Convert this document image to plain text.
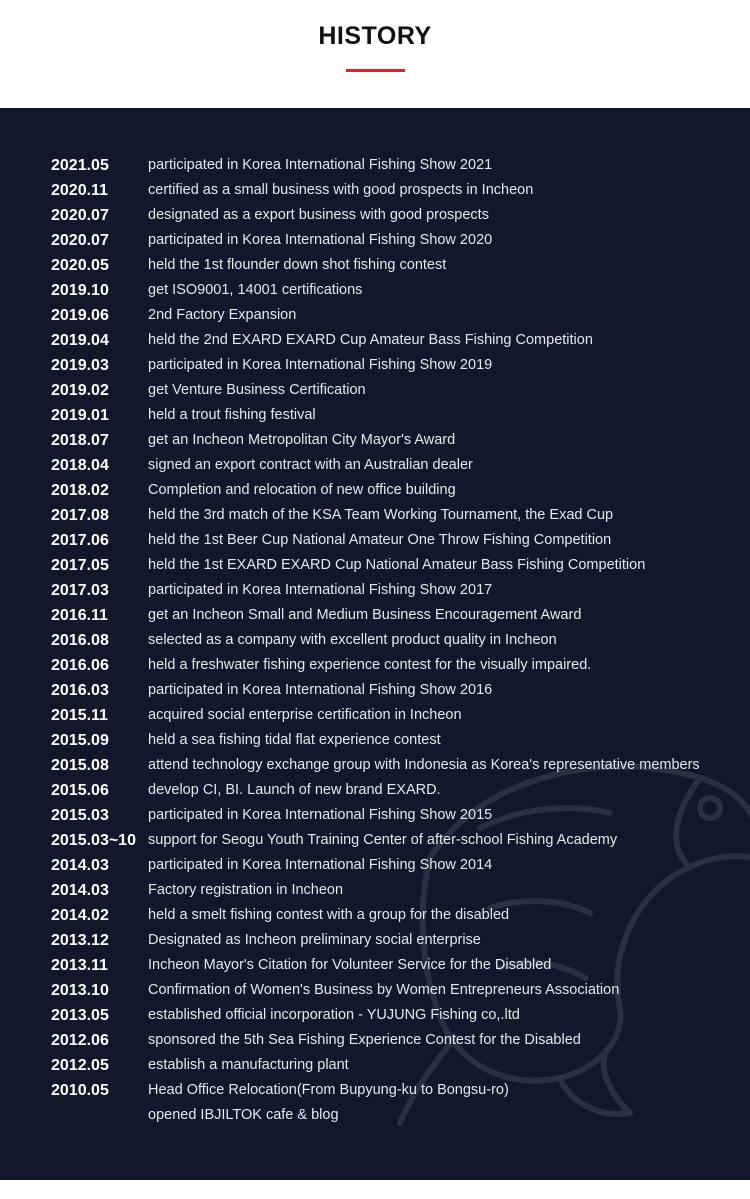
HISTORY
2021.05	participated in Korea International Fishing Show 2021
2020.11	certified as a small business with good prospects in Incheon
2020.07	designated as a export business with good prospects
2020.07	participated in Korea International Fishing Show 2020
2020.05	held the 1st flounder down shot fishing contest
2019.10	get ISO9001, 14001 certifications
2019.06	2nd Factory Expansion
2019.04	held the 2nd EXARD EXARD Cup Amateur Bass Fishing Competition
2019.03	participated in Korea International Fishing Show 2019
2019.02	get Venture Business Certification
2019.01	held a trout fishing festival
2018.07	get an Incheon Metropolitan City Mayor's Award
2018.04	signed an export contract with an Australian dealer
2018.02	Completion and relocation of new office building
2017.08	held the 3rd match of the KSA Team Working Tournament, the Exad Cup
2017.06	held the 1st Beer Cup National Amateur One Throw Fishing Competition
2017.05	held the 1st EXARD EXARD Cup National Amateur Bass Fishing Competition
2017.03	participated in Korea International Fishing Show 2017
2016.11	get an Incheon Small and Medium Business Encouragement Award
2016.08	selected as a company with excellent product quality in Incheon
2016.06	held a freshwater fishing experience contest for the visually impaired.
2016.03	participated in Korea International Fishing Show 2016
2015.11	acquired social enterprise certification in Incheon
2015.09	held a sea fishing tidal flat experience contest
2015.08	attend technology exchange group with Indonesia as Korea's representative members
2015.06	develop CI, BI. Launch of new brand EXARD.
2015.03	participated in Korea International Fishing Show 2015
2015.03~10 support for Seogu Youth Training Center of after-school Fishing Academy
2014.03	participated in Korea International Fishing Show 2014
2014.03	Factory registration in Incheon
2014.02	held a smelt fishing contest with a group for the disabled
2013.12	Designated as Incheon preliminary social enterprise
2013.11	Incheon Mayor's Citation for Volunteer Service for the Disabled
2013.10	Confirmation of Women's Business by Women Entrepreneurs Association
2013.05	established official incorporation - YUJUNG Fishing co,.ltd
2012.06	sponsored the 5th Sea Fishing Experience Contest for the Disabled
2012.05	establish a manufacturing plant
2010.05	Head Office Relocation(From Bupyung-ku to Bongsu-ro)
opened IBJILTOK cafe & blog
